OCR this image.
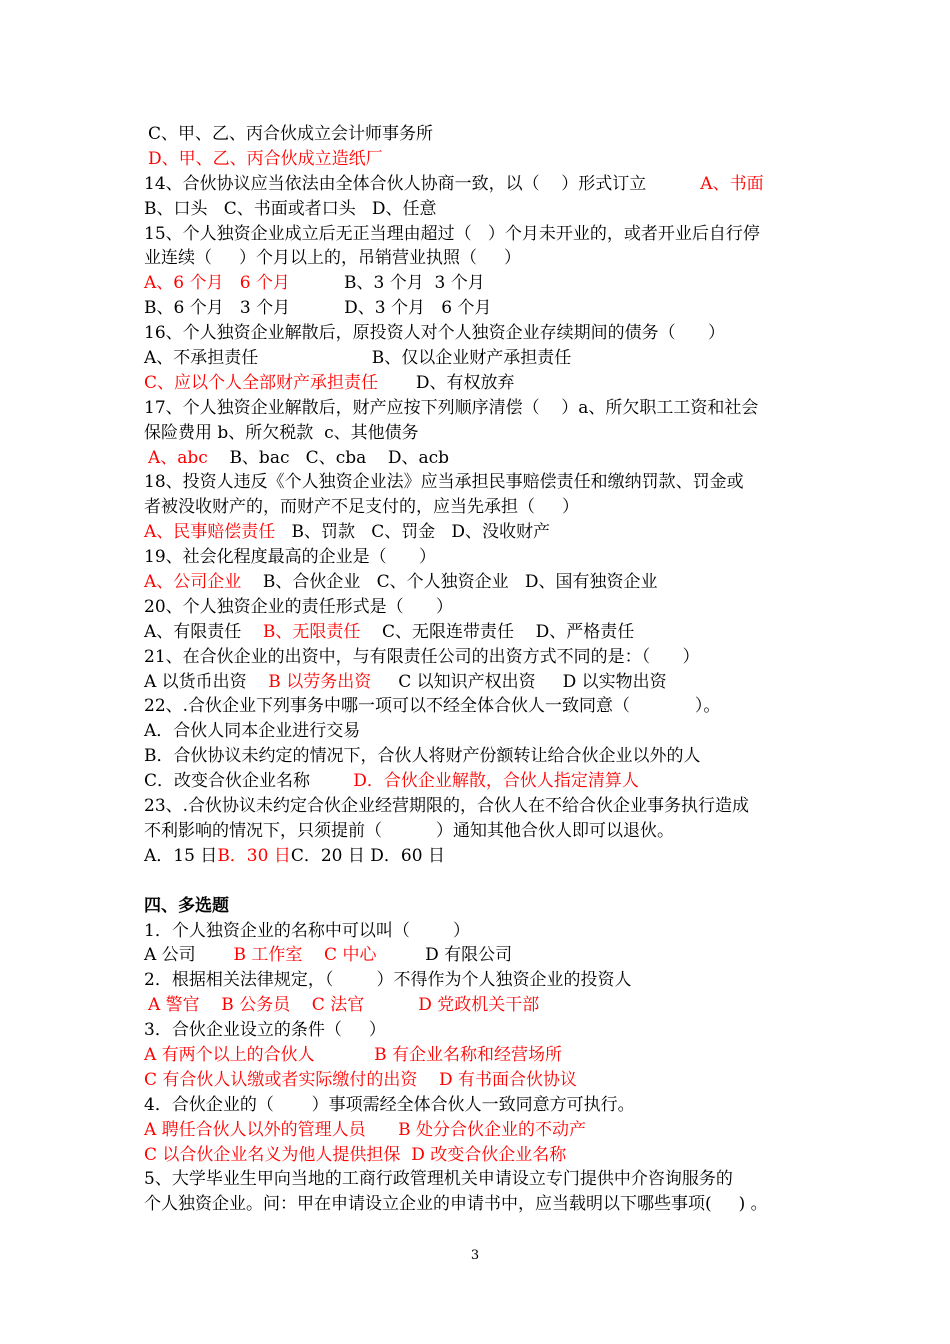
C、甲、乙、丙合伙成立会计师事务所
D、甲、乙、丙合伙成立造纸厂
14、合伙协议应当依法由全体合伙人协商一致，以（    ）形式订立          A、书面
B、口头   C、书面或者口头   D、任意
15、个人独资企业成立后无正当理由超过（   ）个月未开业的，或者开业后自行停
业连续（     ）个月以上的，吊销营业执照（     ）
A、6 个月   6 个月          B、3 个月  3 个月
B、6 个月   3 个月          D、3 个月   6 个月
16、个人独资企业解散后，原投资人对个人独资企业存续期间的债务（      ）
A、不承担责任                     B、仅以企业财产承担责任
C、应以个人全部财产承担责任       D、有权放弃
17、个人独资企业解散后，财产应按下列顺序清偿（    ）a、所欠职工工资和社会
保险费用 b、所欠税款  c、其他债务
A、abc    B、bac   C、cba    D、acb
18、投资人违反《个人独资企业法》应当承担民事赔偿责任和缴纳罚款、罚金或
者被没收财产的，而财产不足支付的，应当先承担（     ）
A、民事赔偿责任   B、罚款   C、罚金   D、没收财产
19、社会化程度最高的企业是（      ）
A、公司企业    B、合伙企业   C、个人独资企业   D、国有独资企业
20、个人独资企业的责任形式是（      ）
A、有限责任    B、无限责任    C、无限连带责任    D、严格责任
21、在合伙企业的出资中，与有限责任公司的出资方式不同的是：（      ）
A 以货币出资    B 以劳务出资     C 以知识产权出资     D 以实物出资
22、.合伙企业下列事务中哪一项可以不经全体合伙人一致同意（            ）。
A．合伙人同本企业进行交易
B．合伙协议未约定的情况下，合伙人将财产份额转让给合伙企业以外的人
C．改变合伙企业名称        D．合伙企业解散，合伙人指定清算人
23、.合伙协议未约定合伙企业经营期限的，合伙人在不给合伙企业事务执行造成
不利影响的情况下，只须提前（          ）通知其他合伙人即可以退伙。
A．15 日B．30 日C．20 日 D．60 日
四、多选题
1．个人独资企业的名称中可以叫（        ）
A 公司       B 工作室    C 中心         D 有限公司
2．根据相关法律规定，（        ）不得作为个人独资企业的投资人
A 警官    B 公务员    C 法官          D 党政机关干部
3．合伙企业设立的条件（     ）
A 有两个以上的合伙人           B 有企业名称和经营场所
C 有合伙人认缴或者实际缴付的出资    D 有书面合伙协议
4．合伙企业的（       ）事项需经全体合伙人一致同意方可执行。
A 聘任合伙人以外的管理人员      B 处分合伙企业的不动产
C 以合伙企业名义为他人提供担保  D 改变合伙企业名称
5、大学毕业生甲向当地的工商行政管理机关申请设立专门提供中介咨询服务的
个人独资企业。问：甲在申请设立企业的申请书中，应当载明以下哪些事项(     ) 。
3
